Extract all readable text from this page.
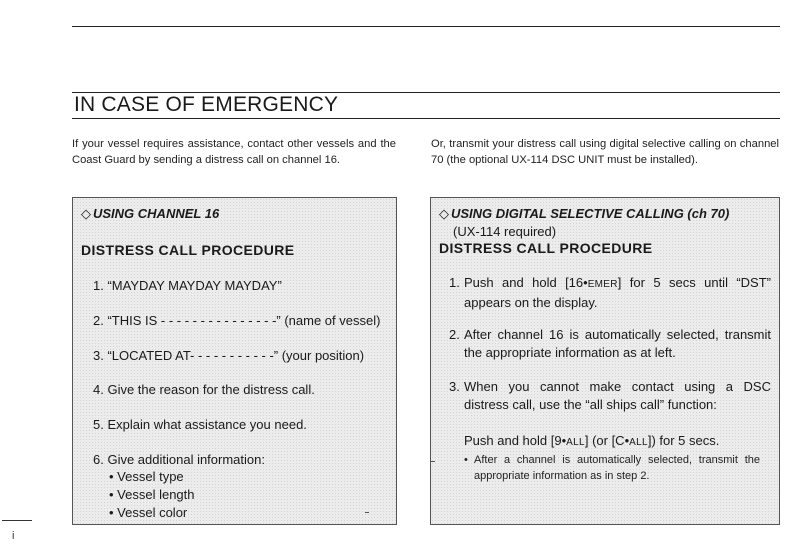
IN CASE OF EMERGENCY

If your vessel requires assistance, contact other vessels and the Coast Guard by sending a distress call on channel 16.

Or, transmit your distress call using digital selective calling on channel 70 (the optional UX-114 DSC UNIT must be installed).

◇ USING CHANNEL 16
DISTRESS CALL PROCEDURE
1. “MAYDAY MAYDAY MAYDAY”
2. “THIS IS - - - - - - - - - - - - - - -” (name of vessel)
3. “LOCATED AT- - - - - - - - - - -” (your position)
4. Give the reason for the distress call.
5. Explain what assistance you need.
6. Give additional information:
• Vessel type
• Vessel length
• Vessel color
◇ USING DIGITAL SELECTIVE CALLING (ch 70)
(UX-114 required)
DISTRESS CALL PROCEDURE
1. Push and hold [16•EMER] for 5 secs until “DST” appears on the display.
2. After channel 16 is automatically selected, transmit the appropriate information as at left.
3. When you cannot make contact using a DSC distress call, use the “all ships call” function:
Push and hold [9•ALL] (or [C•ALL]) for 5 secs.
• After a channel is automatically selected, transmit the appropriate information as in step 2.
i
